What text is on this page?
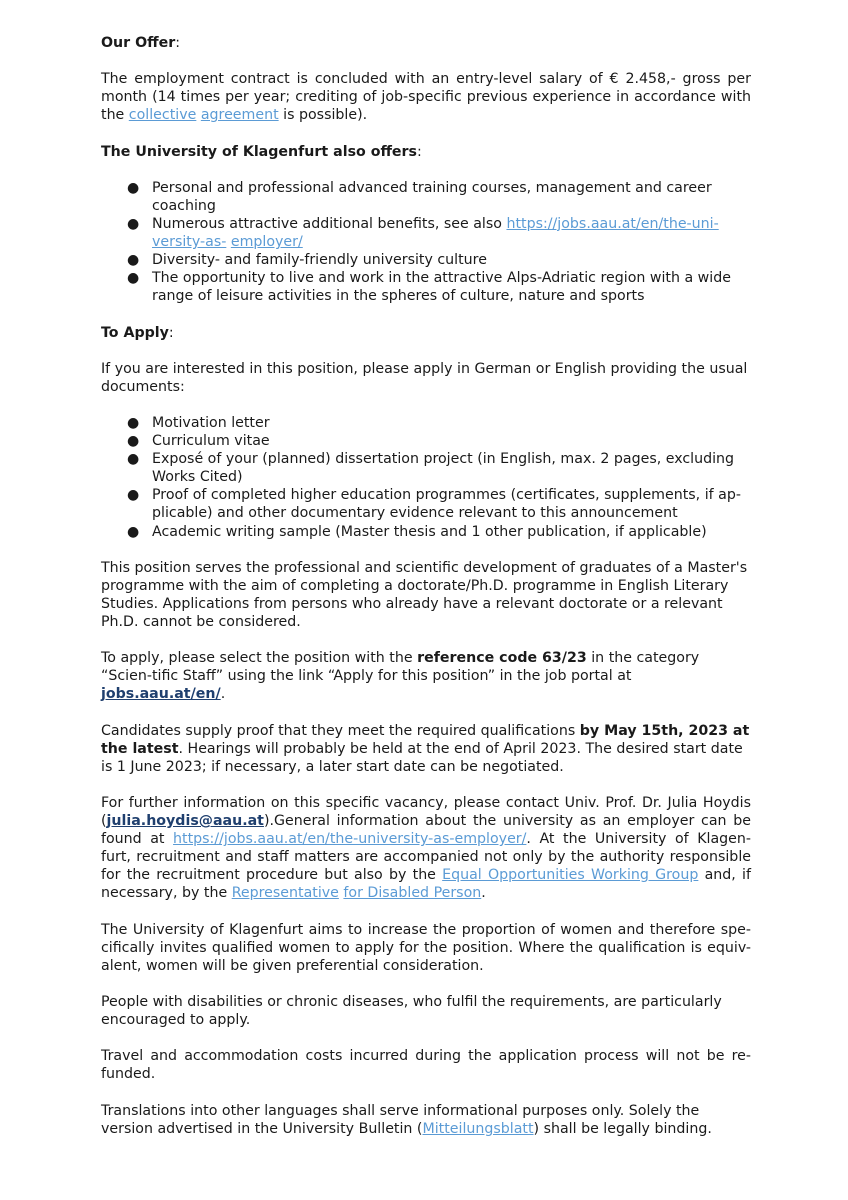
Our Offer:

The employment contract is concluded with an entry-level salary of € 2.458,- gross per month (14 times per year; crediting of job-specific previous experience in accordance with the collective agreement is possible).

The University of Klagenfurt also offers:

● Personal and professional advanced training courses, management and career coaching
● Numerous attractive additional benefits, see also https://jobs.aau.at/en/the-uni-versity-as- employer/
● Diversity- and family-friendly university culture
● The opportunity to live and work in the attractive Alps-Adriatic region with a wide range of leisure activities in the spheres of culture, nature and sports

To Apply:

If you are interested in this position, please apply in German or English providing the usual documents:

● Motivation letter
● Curriculum vitae
● Exposé of your (planned) dissertation project (in English, max. 2 pages, excluding Works Cited)
● Proof of completed higher education programmes (certificates, supplements, if ap-plicable) and other documentary evidence relevant to this announcement
● Academic writing sample (Master thesis and 1 other publication, if applicable)

This position serves the professional and scientific development of graduates of a Master's programme with the aim of completing a doctorate/Ph.D. programme in English Literary Studies. Applications from persons who already have a relevant doctorate or a relevant Ph.D. cannot be considered.

To apply, please select the position with the reference code 63/23 in the category “Scien-tific Staff” using the link “Apply for this position” in the job portal at jobs.aau.at/en/.

Candidates supply proof that they meet the required qualifications by May 15th, 2023 at the latest. Hearings will probably be held at the end of April 2023. The desired start date is 1 June 2023; if necessary, a later start date can be negotiated.

For further information on this specific vacancy, please contact Univ. Prof. Dr. Julia Hoydis (julia.hoydis@aau.at).General information about the university as an employer can be found at https://jobs.aau.at/en/the-university-as-employer/. At the University of Klagen-furt, recruitment and staff matters are accompanied not only by the authority responsible for the recruitment procedure but also by the Equal Opportunities Working Group and, if necessary, by the Representative for Disabled Person.

The University of Klagenfurt aims to increase the proportion of women and therefore spe-cifically invites qualified women to apply for the position. Where the qualification is equiv-alent, women will be given preferential consideration.

People with disabilities or chronic diseases, who fulfil the requirements, are particularly encouraged to apply.

Travel and accommodation costs incurred during the application process will not be re-funded.

Translations into other languages shall serve informational purposes only. Solely the version advertised in the University Bulletin (Mitteilungsblatt) shall be legally binding.
